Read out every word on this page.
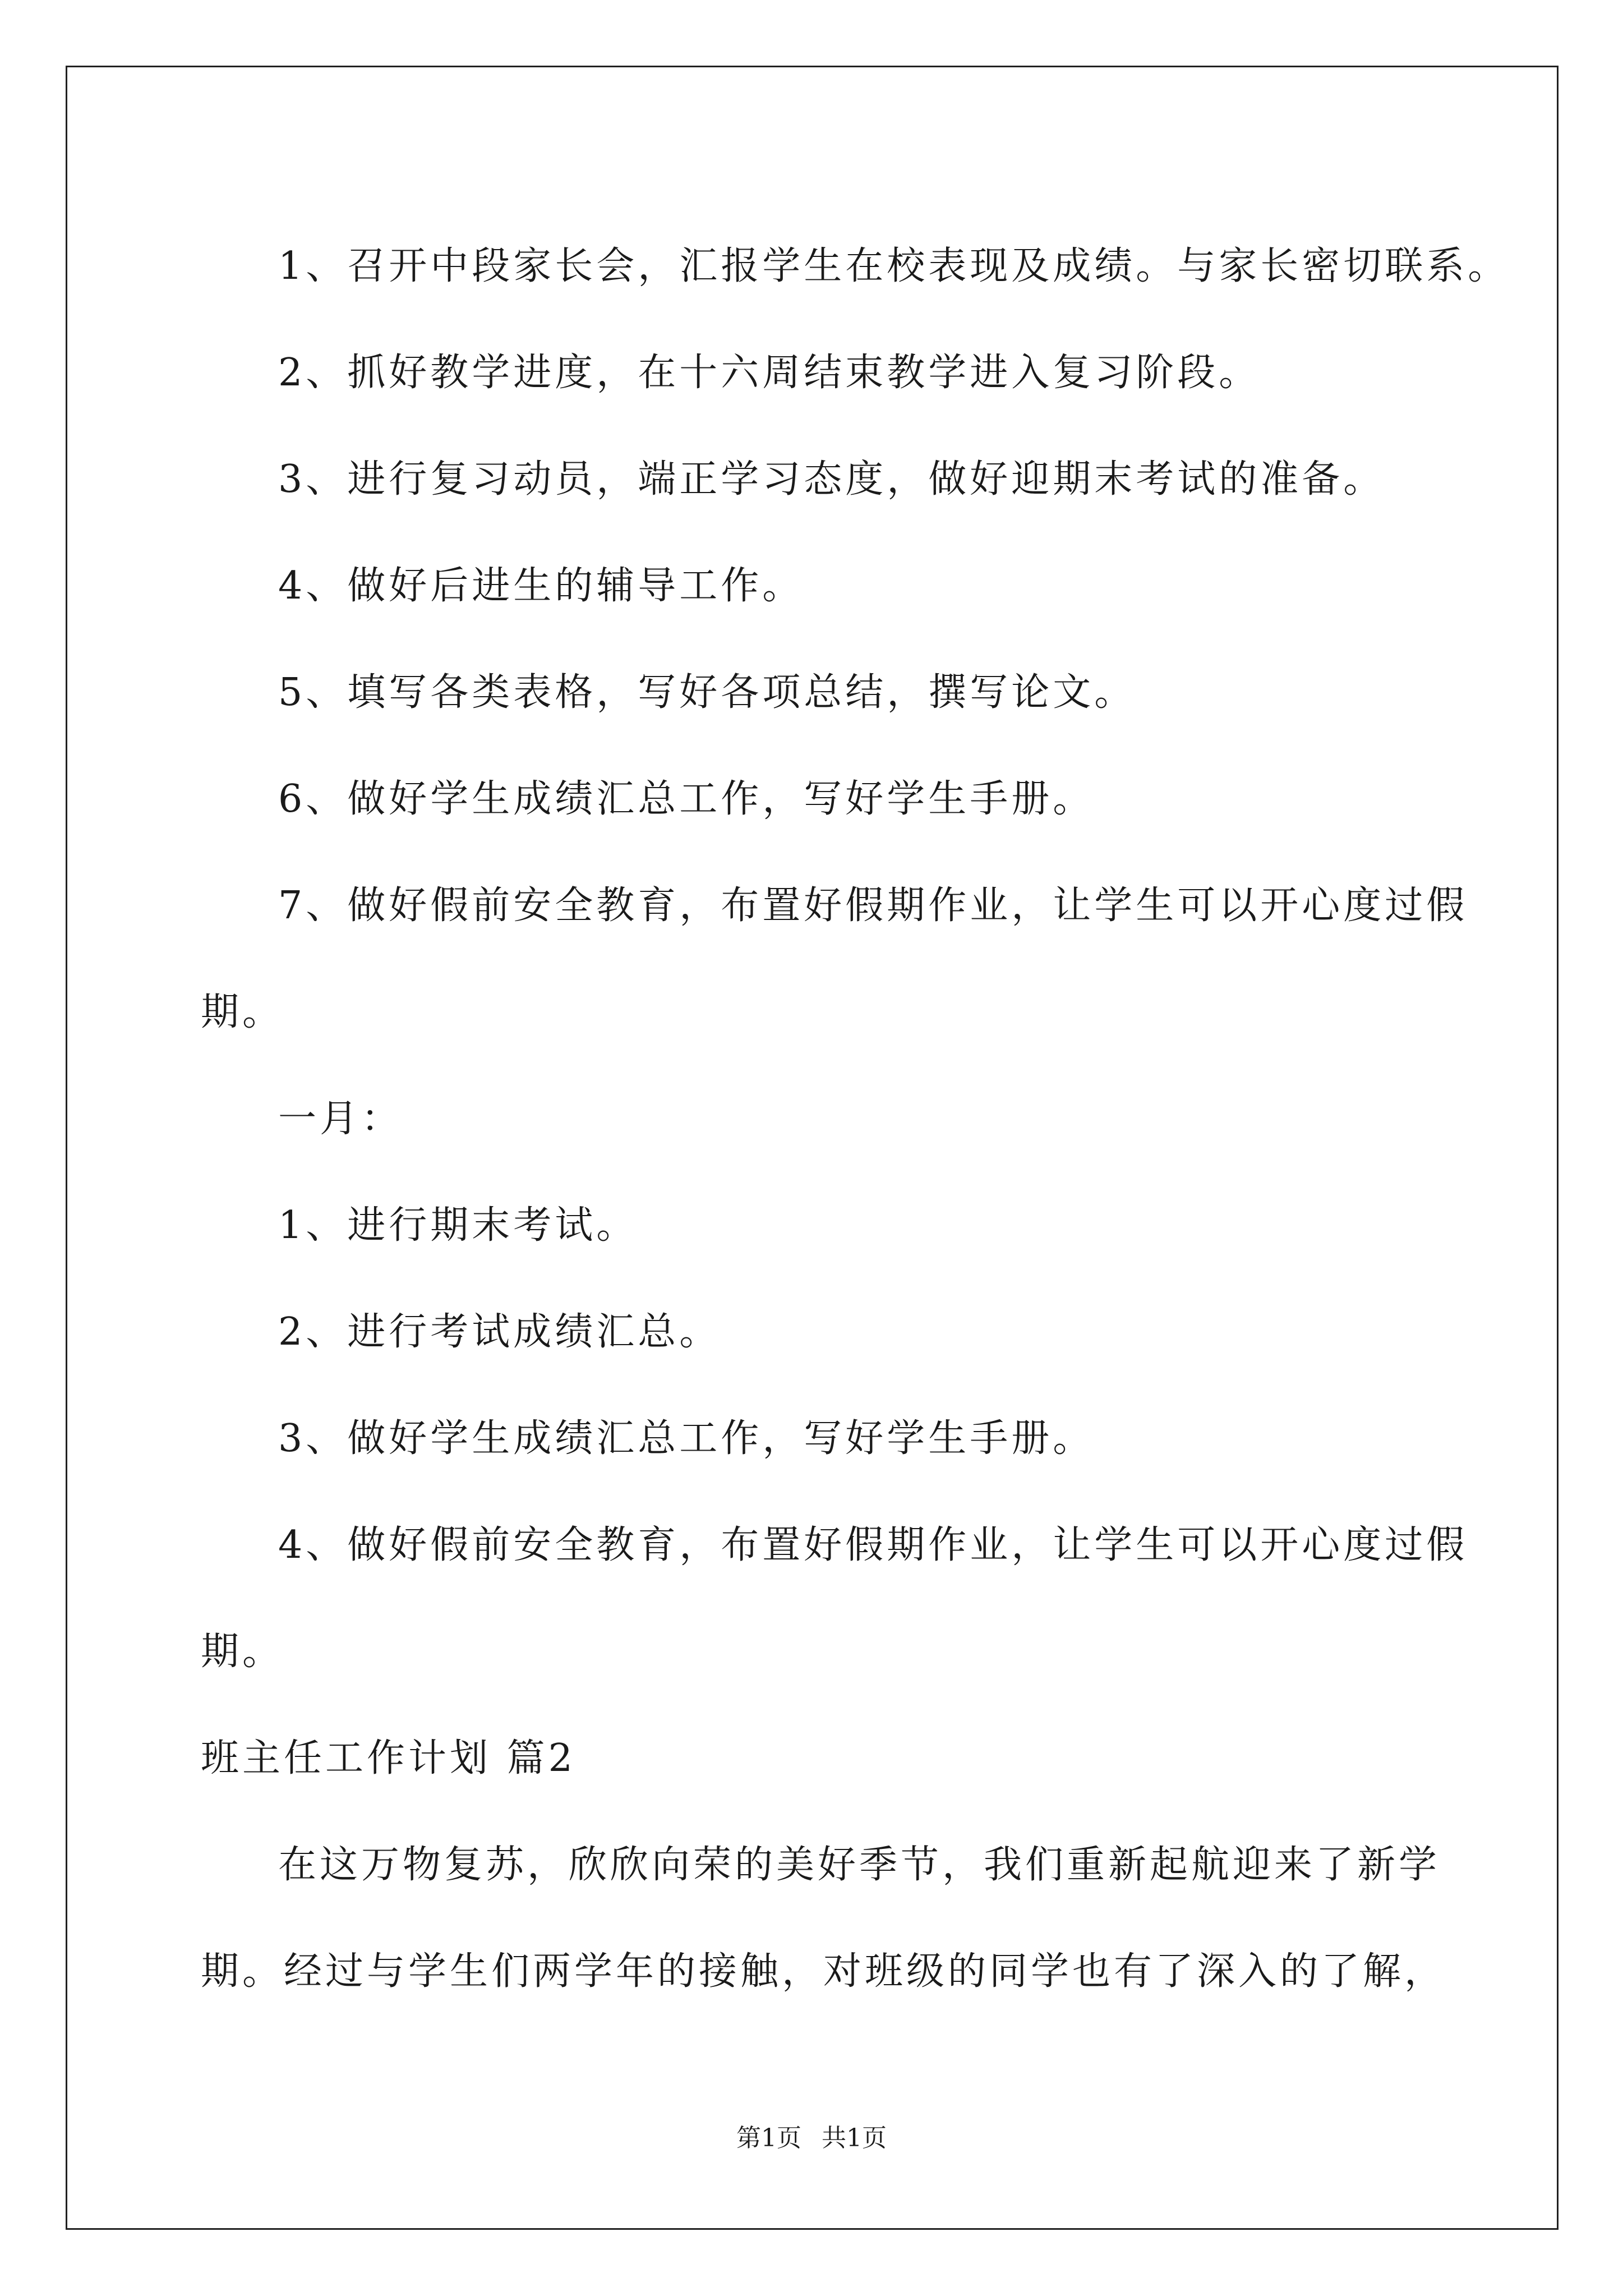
1、召开中段家长会，汇报学生在校表现及成绩。与家长密切联系。

2、抓好教学进度，在十六周结束教学进入复习阶段。

3、进行复习动员，端正学习态度，做好迎期末考试的准备。

4、做好后进生的辅导工作。

5、填写各类表格，写好各项总结，撰写论文。

6、做好学生成绩汇总工作，写好学生手册。

7、做好假前安全教育，布置好假期作业，让学生可以开心度过假

期。

一月：

1、进行期末考试。

2、进行考试成绩汇总。

3、做好学生成绩汇总工作，写好学生手册。

4、做好假前安全教育，布置好假期作业，让学生可以开心度过假

期。

班主任工作计划 篇2

在这万物复苏，欣欣向荣的美好季节，我们重新起航迎来了新学

期。经过与学生们两学年的接触，对班级的同学也有了深入的了解，

第1页 共1页
